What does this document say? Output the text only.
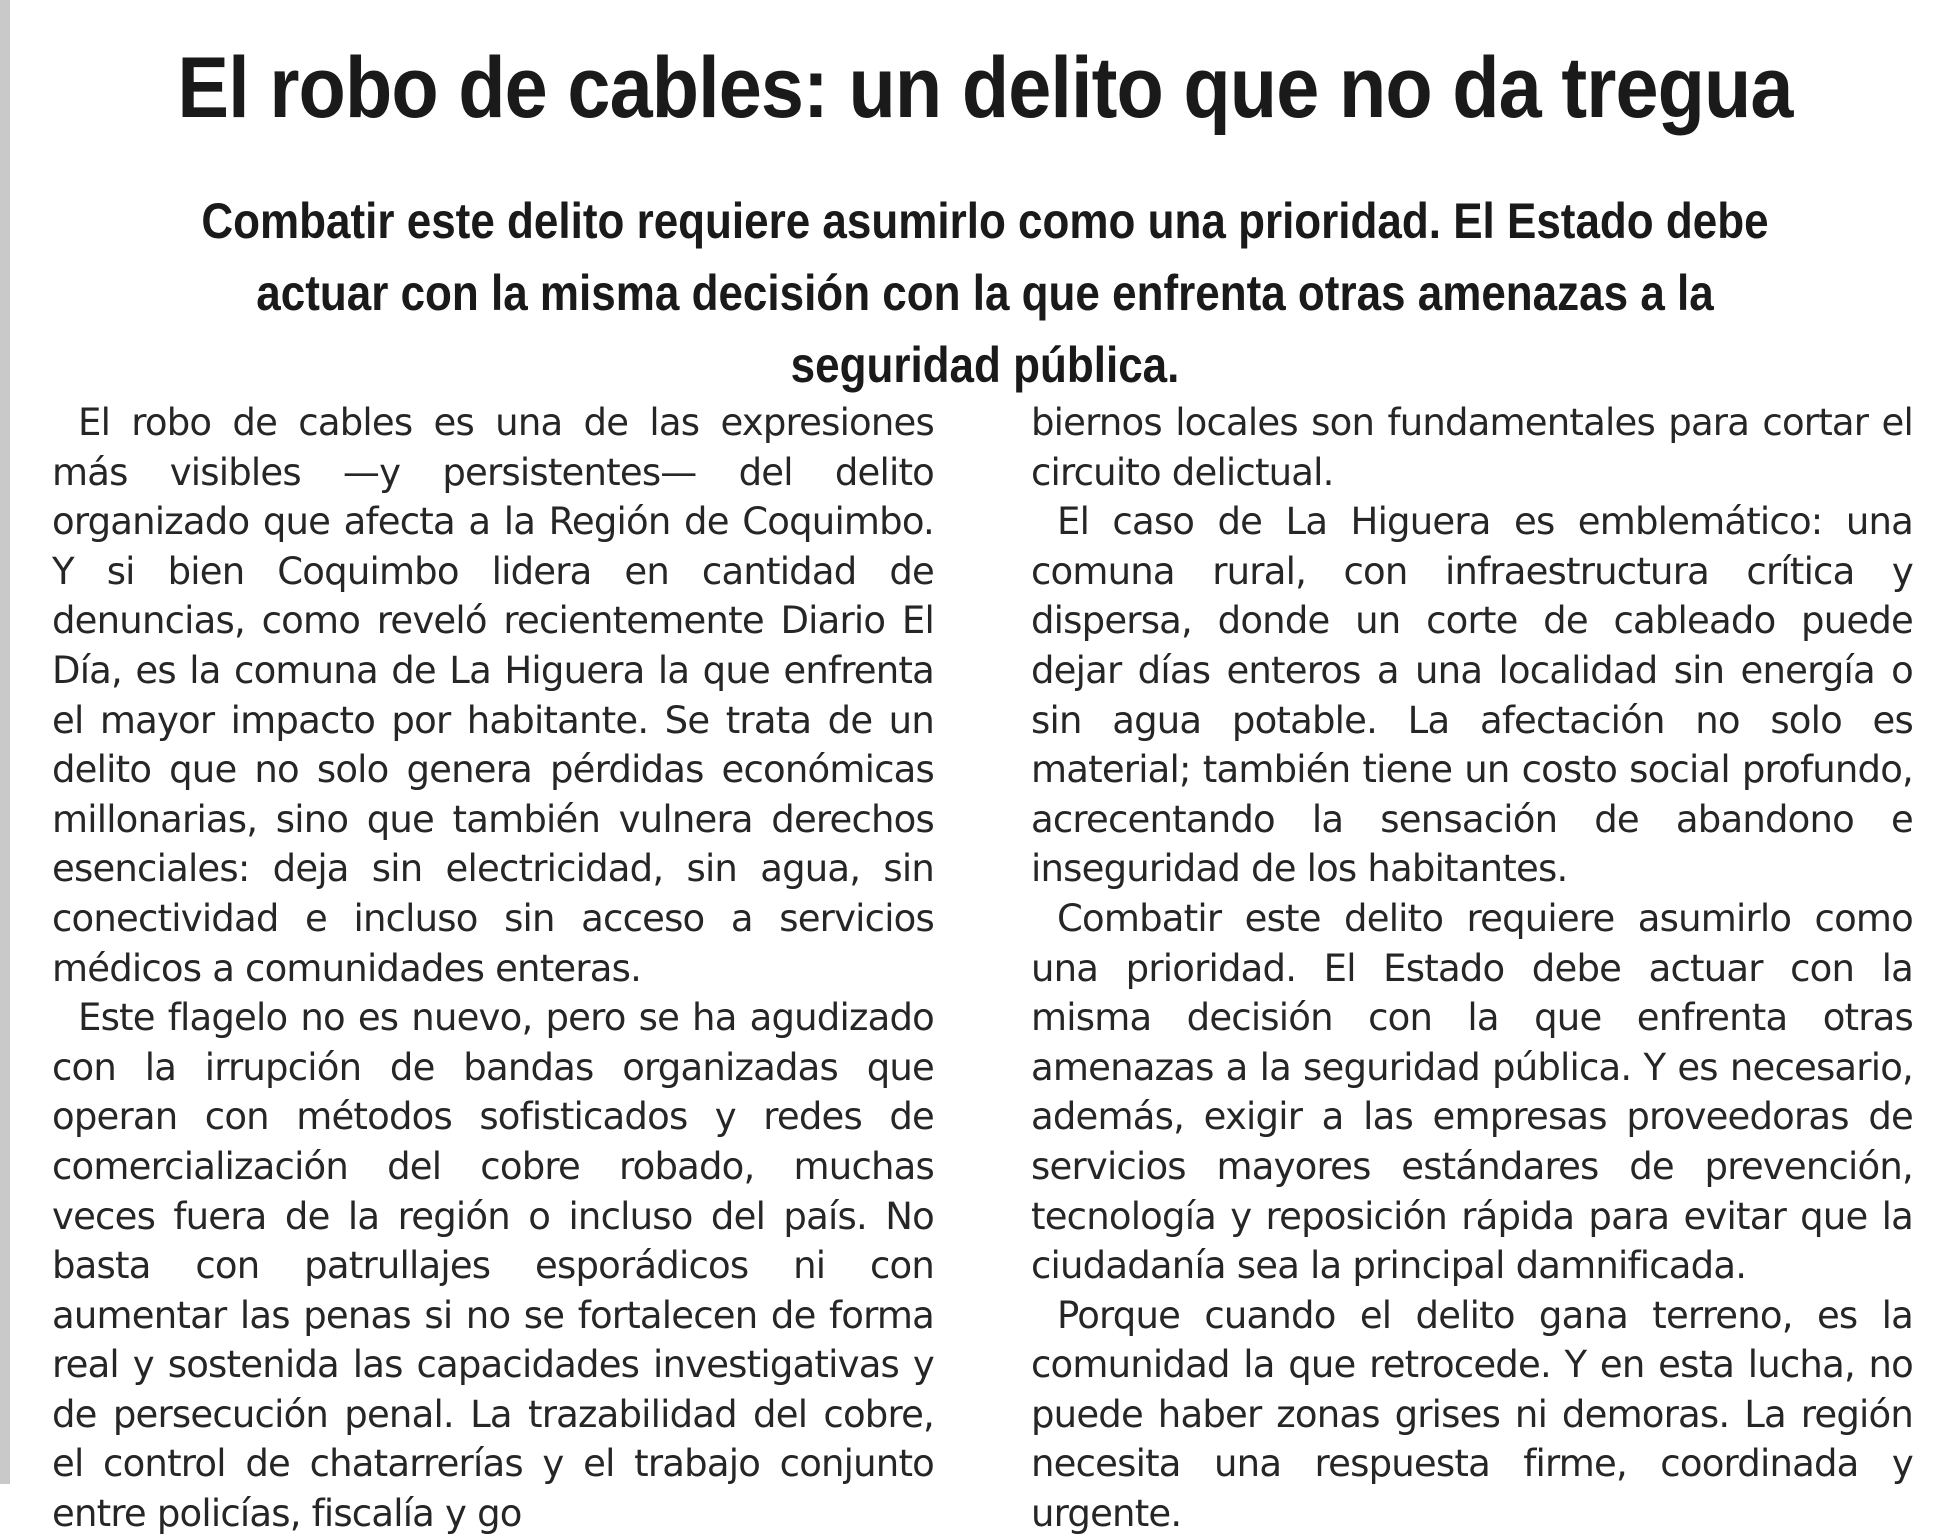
El robo de cables: un delito que no da tregua
Combatir este delito requiere asumirlo como una prioridad. El Estado debe actuar con la misma decisión con la que enfrenta otras amenazas a la seguridad pública.

El robo de cables es una de las expresiones más visibles —y persistentes— del delito organizado que afecta a la Región de Coquimbo. Y si bien Coquimbo lidera en cantidad de denuncias, como reveló recientemente Diario El Día, es la comuna de La Higuera la que enfrenta el mayor impacto por habitante. Se trata de un delito que no solo genera pérdidas económicas millonarias, sino que también vulnera derechos esenciales: deja sin electricidad, sin agua, sin conectividad e incluso sin acceso a servicios médicos a comunidades enteras.

Este flagelo no es nuevo, pero se ha agudizado con la irrupción de bandas organizadas que operan con métodos sofisticados y redes de comercialización del cobre robado, muchas veces fuera de la región o incluso del país. No basta con patrullajes esporádicos ni con aumentar las penas si no se fortalecen de forma real y sostenida las capacidades investigativas y de persecución penal. La trazabilidad del cobre, el control de chatarrerías y el trabajo conjunto entre policías, fiscalía y go

biernos locales son fundamentales para cortar el circuito delictual.

El caso de La Higuera es emblemático: una comuna rural, con infraestructura crítica y dispersa, donde un corte de cableado puede dejar días enteros a una localidad sin energía o sin agua potable. La afectación no solo es material; también tiene un costo social profundo, acrecentando la sensación de abandono e inseguridad de los habitantes.

Combatir este delito requiere asumirlo como una prioridad. El Estado debe actuar con la misma decisión con la que enfrenta otras amenazas a la seguridad pública. Y es necesario, además, exigir a las empresas proveedoras de servicios mayores estándares de prevención, tecnología y reposición rápida para evitar que la ciudadanía sea la principal damnificada.

Porque cuando el delito gana terreno, es la comunidad la que retrocede. Y en esta lucha, no puede haber zonas grises ni demoras. La región necesita una respuesta firme, coordinada y urgente.
